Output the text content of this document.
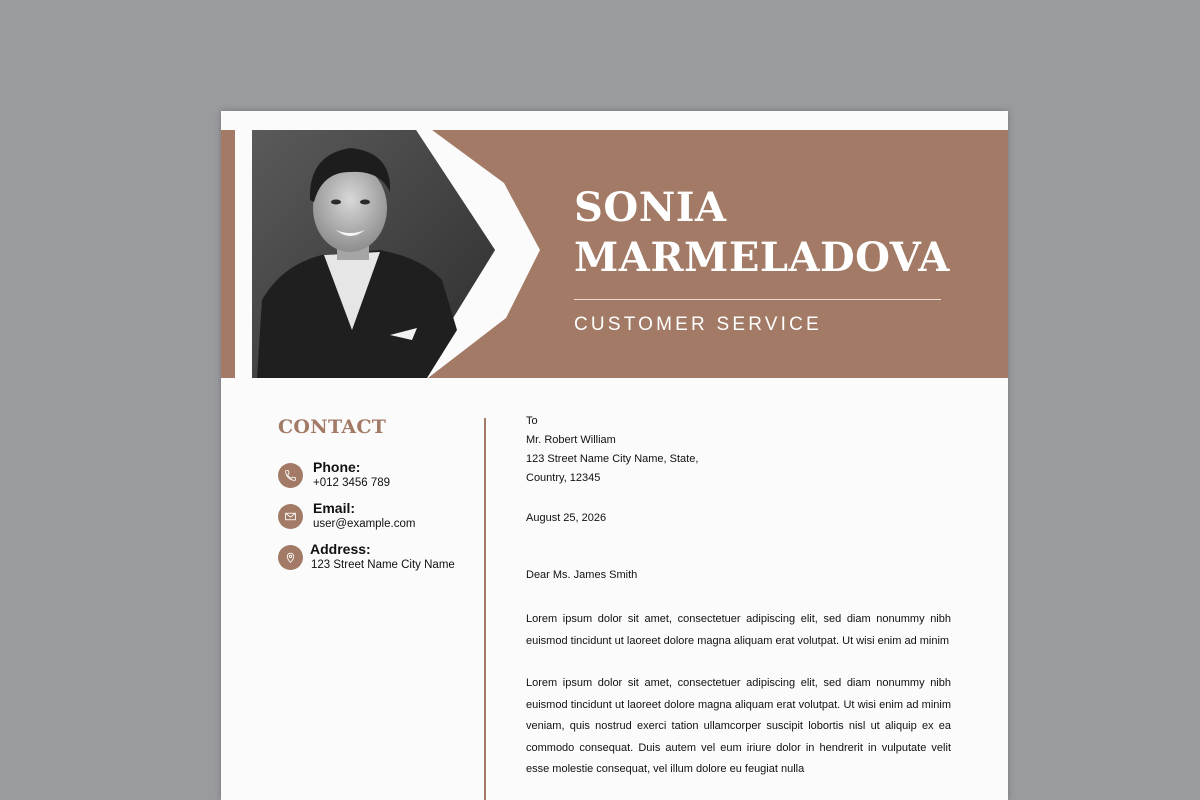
SONIA
MARMELADOVA
CUSTOMER SERVICE
CONTACT
Phone:
+012 3456 789
Email:
user@example.com
Address:
123 Street Name City Name
To
Mr. Robert William
123 Street Name City Name, State,
Country, 12345
August 25, 2026
Dear Ms. James Smith
Lorem ipsum dolor sit amet, consectetuer adipiscing elit, sed diam nonummy nibh euismod tincidunt ut laoreet dolore magna aliquam erat volutpat. Ut wisi enim ad minim
Lorem ipsum dolor sit amet, consectetuer adipiscing elit, sed diam nonummy nibh euismod tincidunt ut laoreet dolore magna aliquam erat volutpat. Ut wisi enim ad minim veniam, quis nostrud exerci tation ullamcorper suscipit lobortis nisl ut aliquip ex ea commodo consequat. Duis autem vel eum iriure dolor in hendrerit in vulputate velit esse molestie consequat, vel illum dolore eu feugiat nulla
